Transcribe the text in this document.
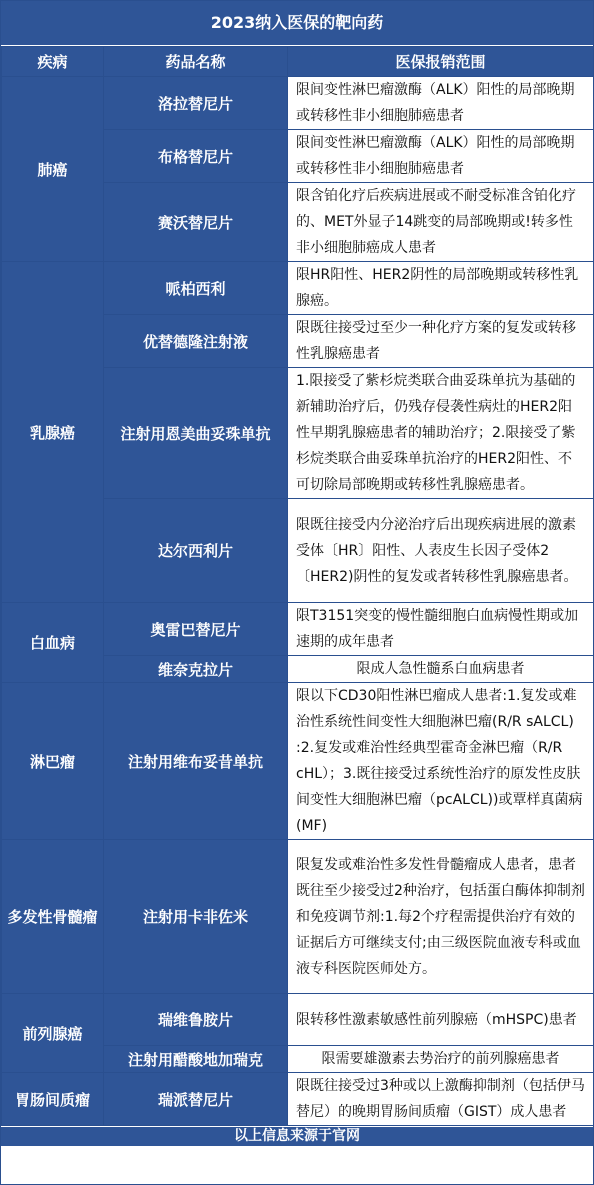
2023纳入医保的靶向药
疾病	药品名称	医保报销范围
肺癌	洛拉替尼片	限间变性淋巴瘤激酶（ALK）阳性的局部晚期或转移性非小细胞肺癌患者
	布格替尼片	限间变性淋巴瘤激酶（ALK）阳性的局部晚期或转移性非小细胞肺癌患者
	赛沃替尼片	限含铂化疗后疾病进展或不耐受标准含铂化疗的、MET外显子14跳变的局部晚期或!转多性非小细胞肺癌成人患者
乳腺癌	哌柏西利	限HR阳性、HER2阴性的局部晚期或转移性乳腺癌。
	优替德隆注射液	限既往接受过至少一种化疗方案的复发或转移性乳腺癌患者
	注射用恩美曲妥珠单抗	1.限接受了紫杉烷类联合曲妥珠单抗为基础的新辅助治疗后，仍残存侵袭性病灶的HER2阳性早期乳腺癌患者的辅助治疗；2.限接受了紫杉烷类联合曲妥珠单抗治疗的HER2阳性、不可切除局部晚期或转移性乳腺癌患者。
	达尔西利片	限既往接受内分泌治疗后出现疾病进展的激素受体〔HR〕阳性、人表皮生长因子受体2〔HER2)阴性的复发或者转移性乳腺癌患者。
白血病	奥雷巴替尼片	限T3151突变的慢性髓细胞白血病慢性期或加速期的成年患者
	维奈克拉片	限成人急性髓系白血病患者
淋巴瘤	注射用维布妥昔单抗	限以下CD30阳性淋巴瘤成人患者:1.复发或难治性系统性间变性大细胞淋巴瘤(R/R sALCL) :2.复发或难治性经典型霍奇金淋巴瘤（R/R cHL）；3.既往接受过系统性治疗的原发性皮肤间变性大细胞淋巴瘤（pcALCL))或覃样真菌病(MF)
多发性骨髓瘤	注射用卡非佐米	限复发或难治性多发性骨髓瘤成人患者，患者既往至少接受过2种治疗，包括蛋白酶体抑制剂和免疫调节剂:1.每2个疗程需提供治疗有效的证据后方可继续支付;由三级医院血液专科或血液专科医院医师处方。
前列腺癌	瑞维鲁胺片	限转移性激素敏感性前列腺癌（mHSPC)患者
	注射用醋酸地加瑞克	限需要雄激素去势治疗的前列腺癌患者
胃肠间质瘤	瑞派替尼片	限既往接受过3种或以上激酶抑制剂（包括伊马替尼）的晚期胃肠间质瘤（GIST）成人患者
以上信息来源于官网
